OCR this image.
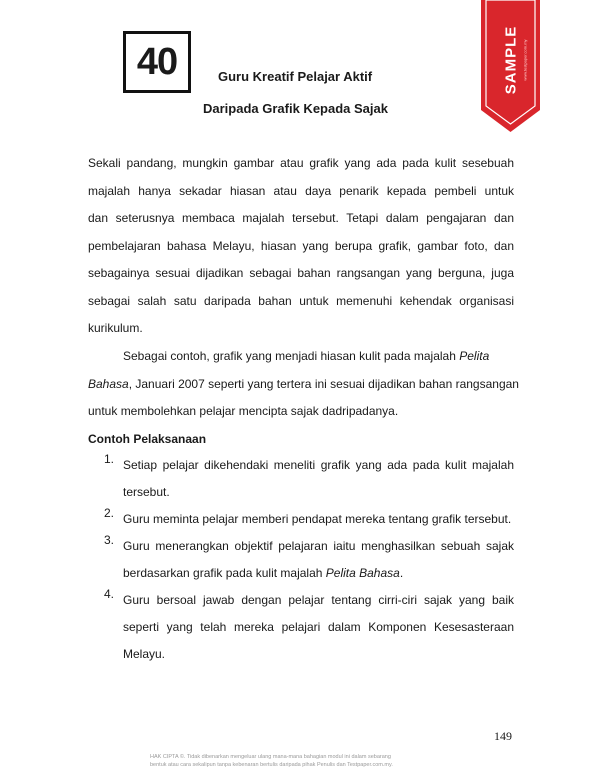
40	Guru Kreatif Pelajar Aktif
Daripada Grafik Kepada Sajak
SAMPLE www.testpaper.com.my
Sekali pandang, mungkin gambar atau grafik yang ada pada kulit sesebuah
majalah hanya sekadar hiasan atau daya penarik kepada pembeli untuk
dan seterusnya membaca majalah tersebut. Tetapi dalam pengajaran dan
pembelajaran bahasa Melayu, hiasan yang berupa grafik, gambar foto, dan
sebagainya sesuai dijadikan sebagai bahan rangsangan yang berguna, juga
sebagai salah satu daripada bahan untuk memenuhi kehendak organisasi
kurikulum.
Sebagai contoh, grafik yang menjadi hiasan kulit pada majalah Pelita
Bahasa, Januari 2007 seperti yang tertera ini sesuai dijadikan bahan rangsangan
untuk membolehkan pelajar mencipta sajak dadripadanya.
Contoh Pelaksanaan
1. Setiap pelajar dikehendaki meneliti grafik yang ada pada kulit majalah
tersebut.
2. Guru meminta pelajar memberi pendapat mereka tentang grafik tersebut.
3. Guru menerangkan objektif pelajaran iaitu menghasilkan sebuah sajak
berdasarkan grafik pada kulit majalah Pelita Bahasa.
4. Guru bersoal jawab dengan pelajar tentang cirri-ciri sajak yang baik
seperti yang telah mereka pelajari dalam Komponen Kesesasteraan
Melayu.
149
HAK CIPTA ©. Tidak dibenarkan mengeluar ulang mana-mana bahagian modul ini dalam sebarang
bentuk atau cara sekalipun tanpa kebenaran bertulis daripada pihak Penulis dan Testpaper.com.my.
